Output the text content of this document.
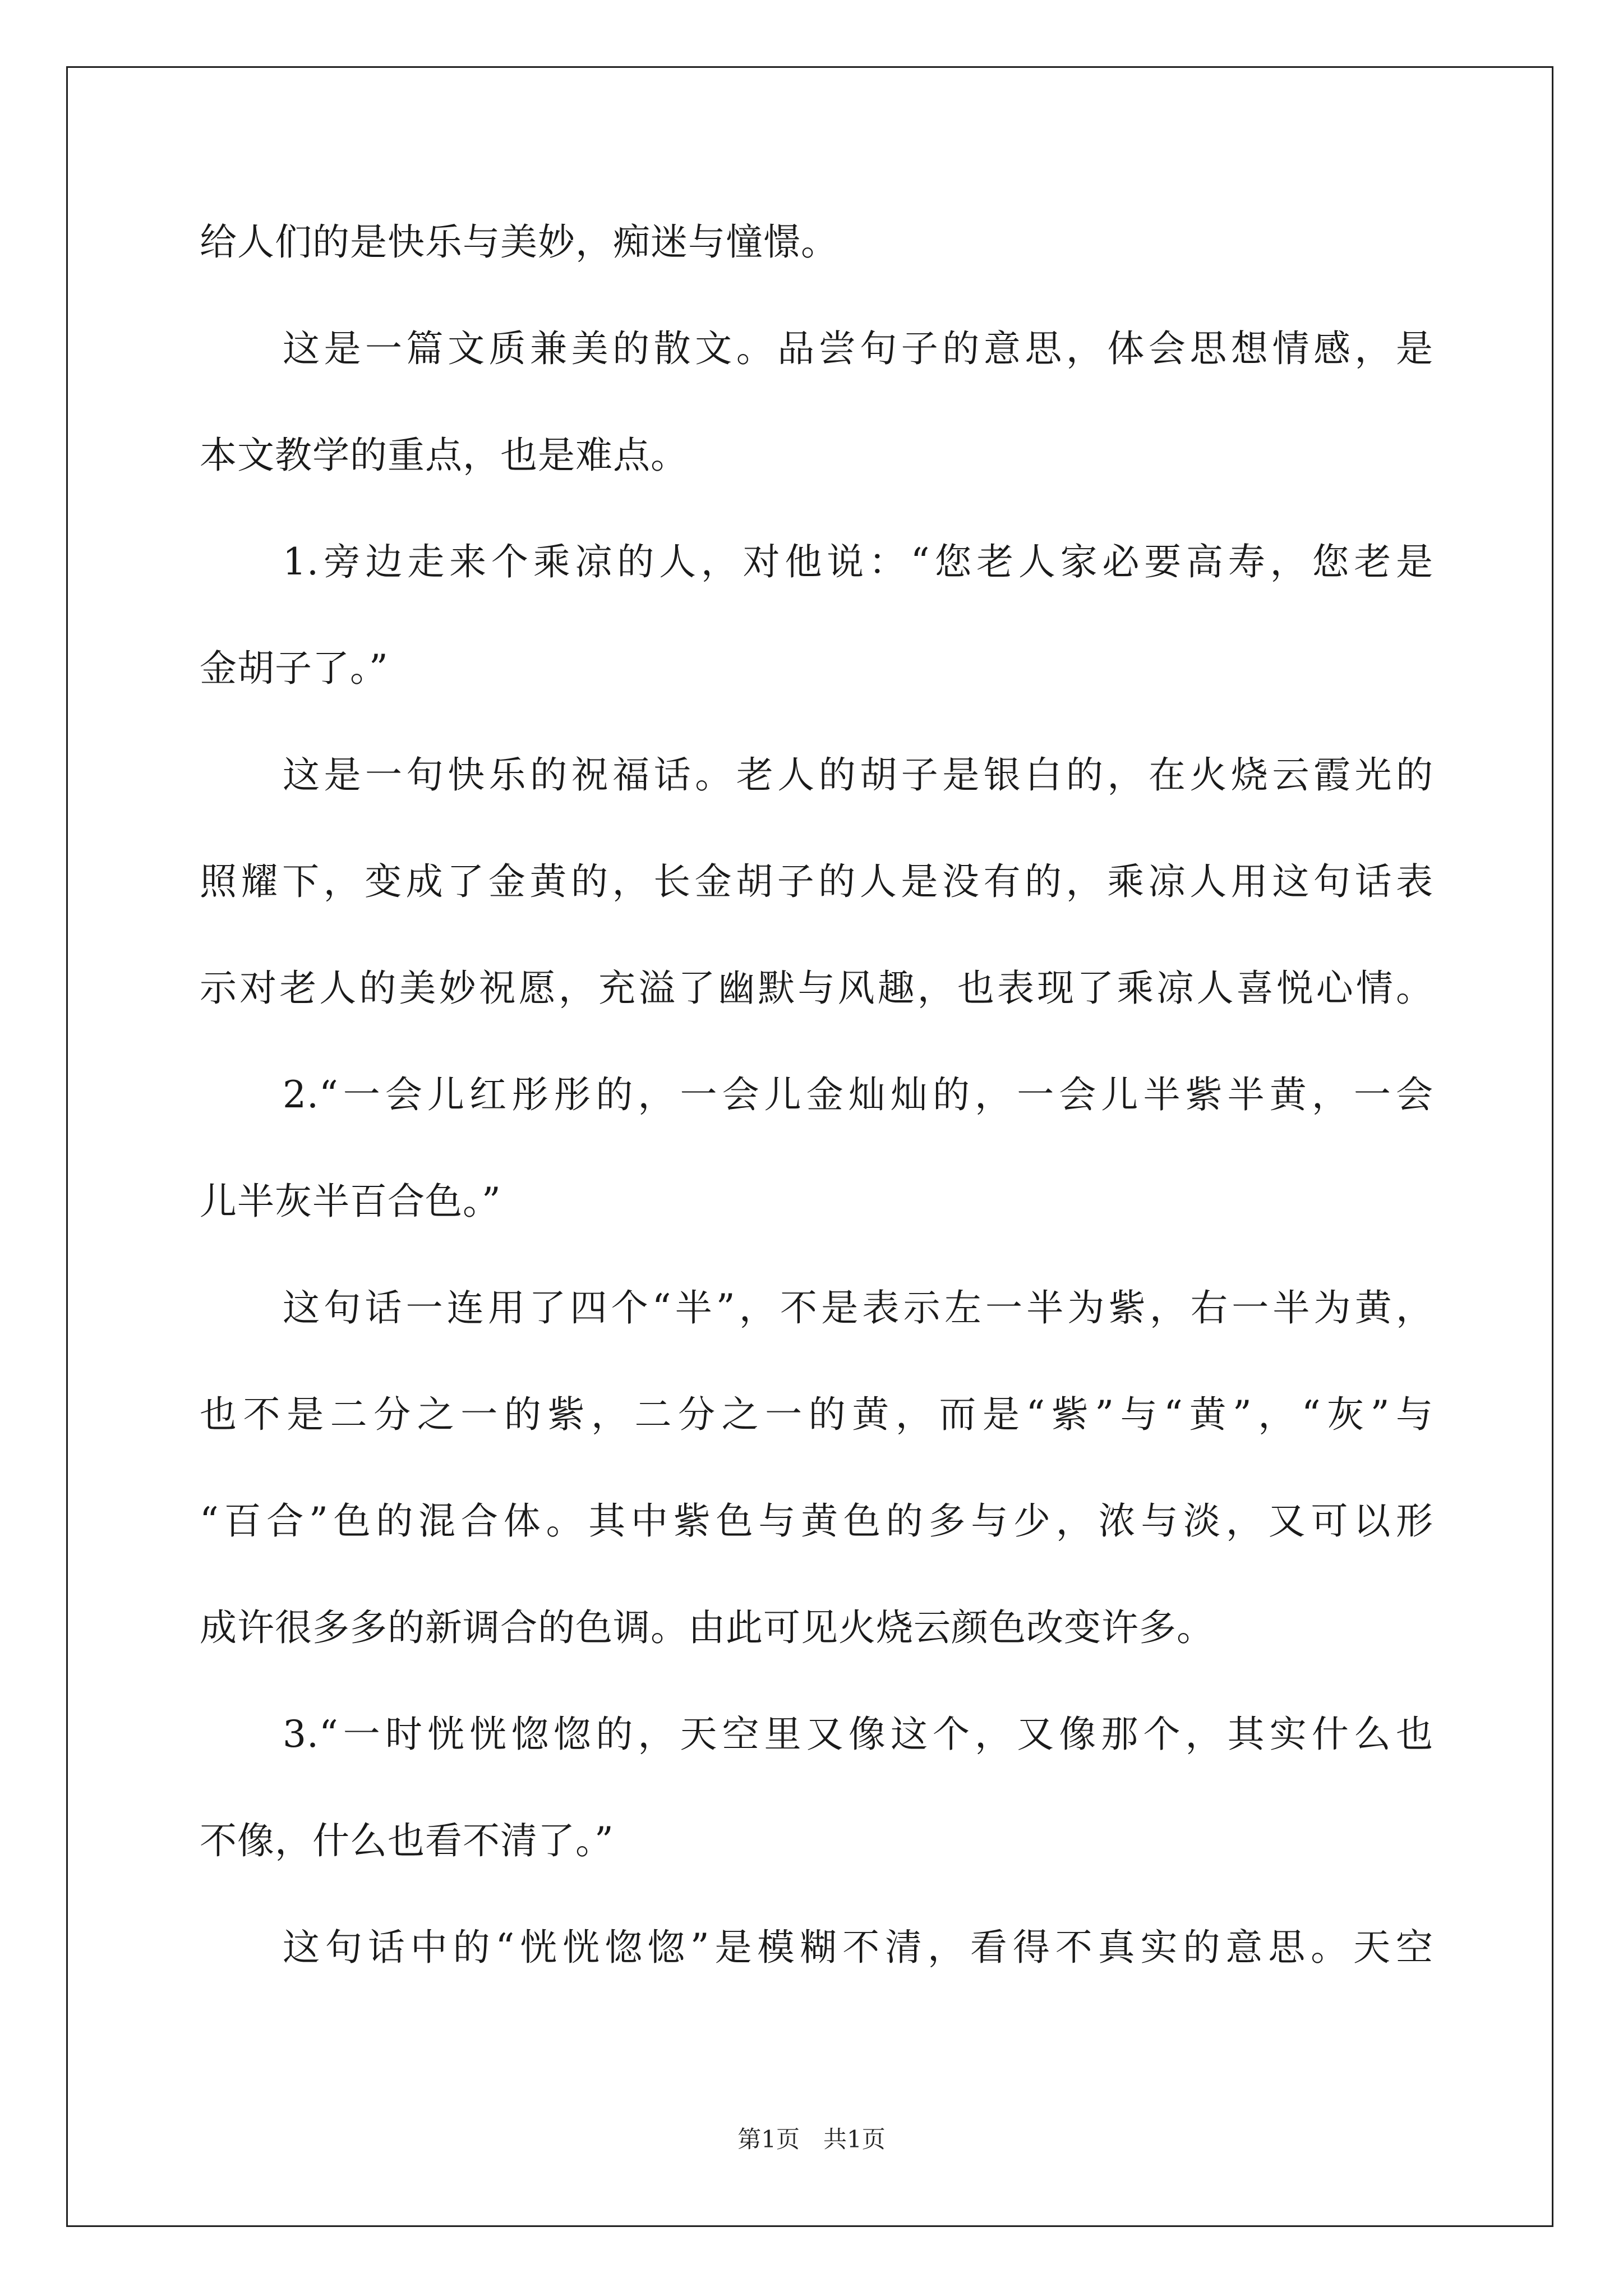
给人们的是快乐与美妙，痴迷与憧憬。
这是一篇文质兼美的散文。品尝句子的意思，体会思想情感，是
本文教学的重点，也是难点。
1.旁边走来个乘凉的人，对他说：“您老人家必要高寿，您老是
金胡子了。”
这是一句快乐的祝福话。老人的胡子是银白的，在火烧云霞光的
照耀下，变成了金黄的，长金胡子的人是没有的，乘凉人用这句话表
示对老人的美妙祝愿，充溢了幽默与风趣，也表现了乘凉人喜悦心情。
2.“一会儿红彤彤的，一会儿金灿灿的，一会儿半紫半黄，一会
儿半灰半百合色。”
这句话一连用了四个“半”，不是表示左一半为紫，右一半为黄，
也不是二分之一的紫，二分之一的黄，而是“紫”与“黄”，“灰”与
“百合”色的混合体。其中紫色与黄色的多与少，浓与淡，又可以形
成许很多多的新调合的色调。由此可见火烧云颜色改变许多。
3.“一时恍恍惚惚的，天空里又像这个，又像那个，其实什么也
不像，什么也看不清了。”
这句话中的“恍恍惚惚”是模糊不清，看得不真实的意思。天空
第1页　共1页
